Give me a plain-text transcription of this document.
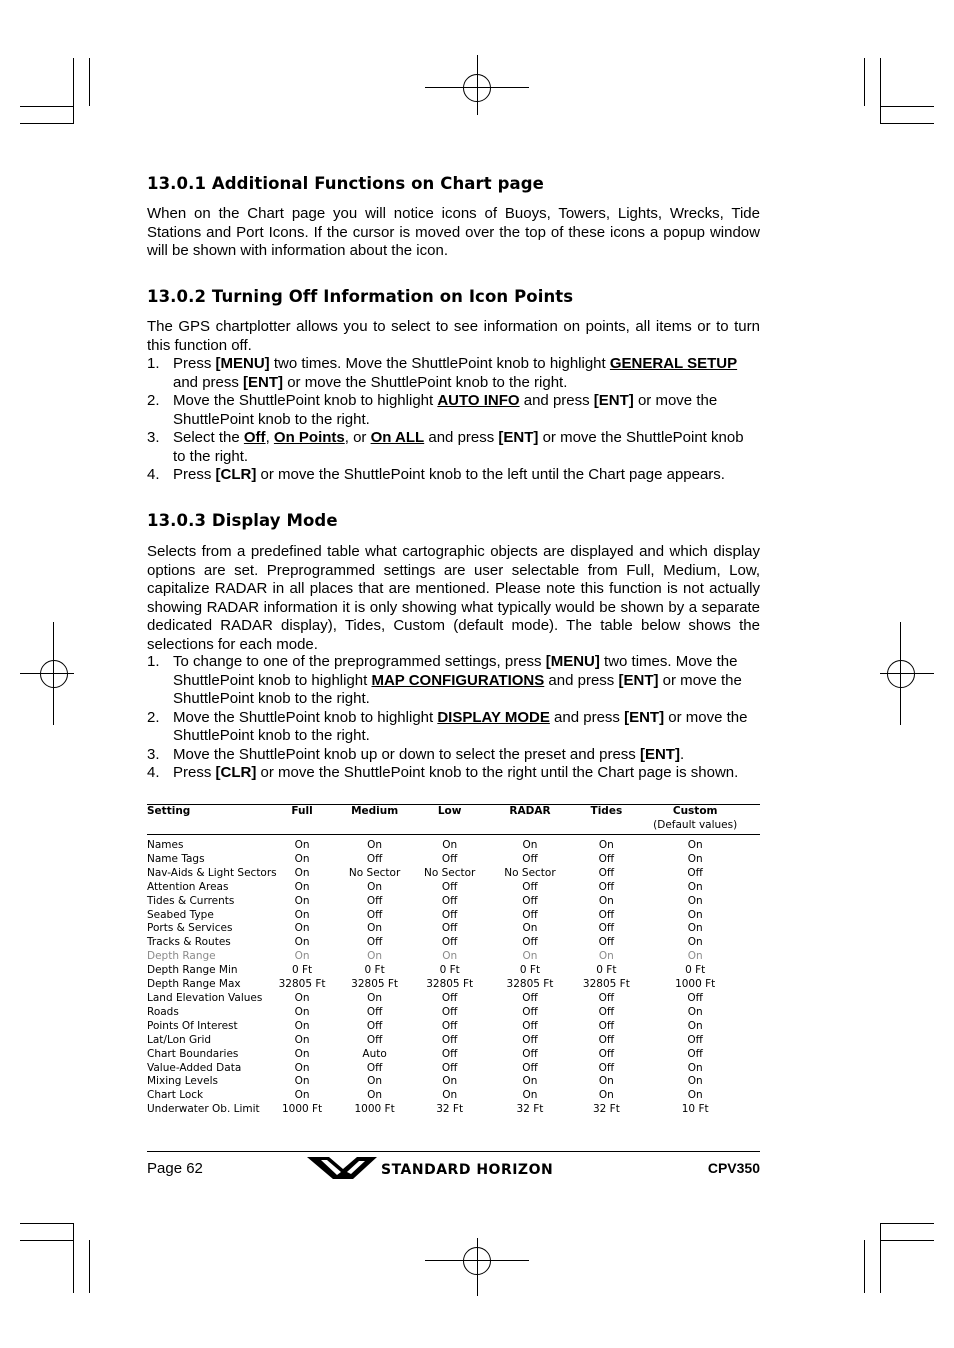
13.0.1 Additional Functions on Chart page

When on the Chart page you will notice icons of Buoys, Towers, Lights, Wrecks, Tide Stations and Port Icons. If the cursor is moved over the top of these icons a popup window will be shown with information about the icon.

13.0.2 Turning Off Information on Icon Points

The GPS chartplotter allows you to select to see information on points, all items or to turn this function off.

1. Press [MENU] two times. Move the ShuttlePoint knob to highlight GENERAL SETUP and press [ENT] or move the ShuttlePoint knob to the right.
2. Move the ShuttlePoint knob to highlight AUTO INFO and press [ENT] or move the ShuttlePoint knob to the right.
3. Select the Off, On Points, or On ALL and press [ENT] or move the ShuttlePoint knob to the right.
4. Press [CLR] or move the ShuttlePoint knob to the left until the Chart page appears.
13.0.3 Display Mode

Selects from a predefined table what cartographic objects are displayed and which display options are set. Preprogrammed settings are user selectable from Full, Medium, Low, capitalize RADAR in all places that are mentioned. Please note this function is not actually showing RADAR information it is only showing what typically would be shown by a separate dedicated RADAR display), Tides, Custom (default mode). The table below shows the selections for each mode.

1. To change to one of the preprogrammed settings, press [MENU] two times. Move the ShuttlePoint knob to highlight MAP CONFIGURATIONS and press [ENT] or move the ShuttlePoint knob to the right.
2. Move the ShuttlePoint knob to highlight DISPLAY MODE and press [ENT] or move the ShuttlePoint knob to the right.
3. Move the ShuttlePoint knob up or down to select the preset and press [ENT].
4. Press [CLR] or move the ShuttlePoint knob to the right until the Chart page is shown.
Setting	Full	Medium	Low	RADAR	Tides	Custom
(Default values)

Names	On	On	On	On	On	On
Name Tags	On	Off	Off	Off	Off	On
Nav-Aids & Light Sectors	On	No Sector	No Sector	No Sector	Off	Off
Attention Areas	On	On	Off	Off	Off	On
Tides & Currents	On	Off	Off	Off	On	On
Seabed Type	On	Off	Off	Off	Off	On
Ports & Services	On	On	Off	On	Off	On
Tracks & Routes	On	Off	Off	Off	Off	On
Depth Range	On	On	On	On	On	On
Depth Range Min	0 Ft	0 Ft	0 Ft	0 Ft	0 Ft	0 Ft
Depth Range Max	32805 Ft	32805 Ft	32805 Ft	32805 Ft	32805 Ft	1000 Ft
Land Elevation Values	On	On	Off	Off	Off	Off
Roads	On	Off	Off	Off	Off	On
Points Of Interest	On	Off	Off	Off	Off	On
Lat/Lon Grid	On	Off	Off	Off	Off	Off
Chart Boundaries	On	Auto	Off	Off	Off	Off
Value-Added Data	On	Off	Off	Off	Off	On
Mixing Levels	On	On	On	On	On	On
Chart Lock	On	On	On	On	On	On
Underwater Ob. Limit	1000 Ft	1000 Ft	32 Ft	32 Ft	32 Ft	10 Ft
Page 62	STANDARD HORIZON	CPV350
